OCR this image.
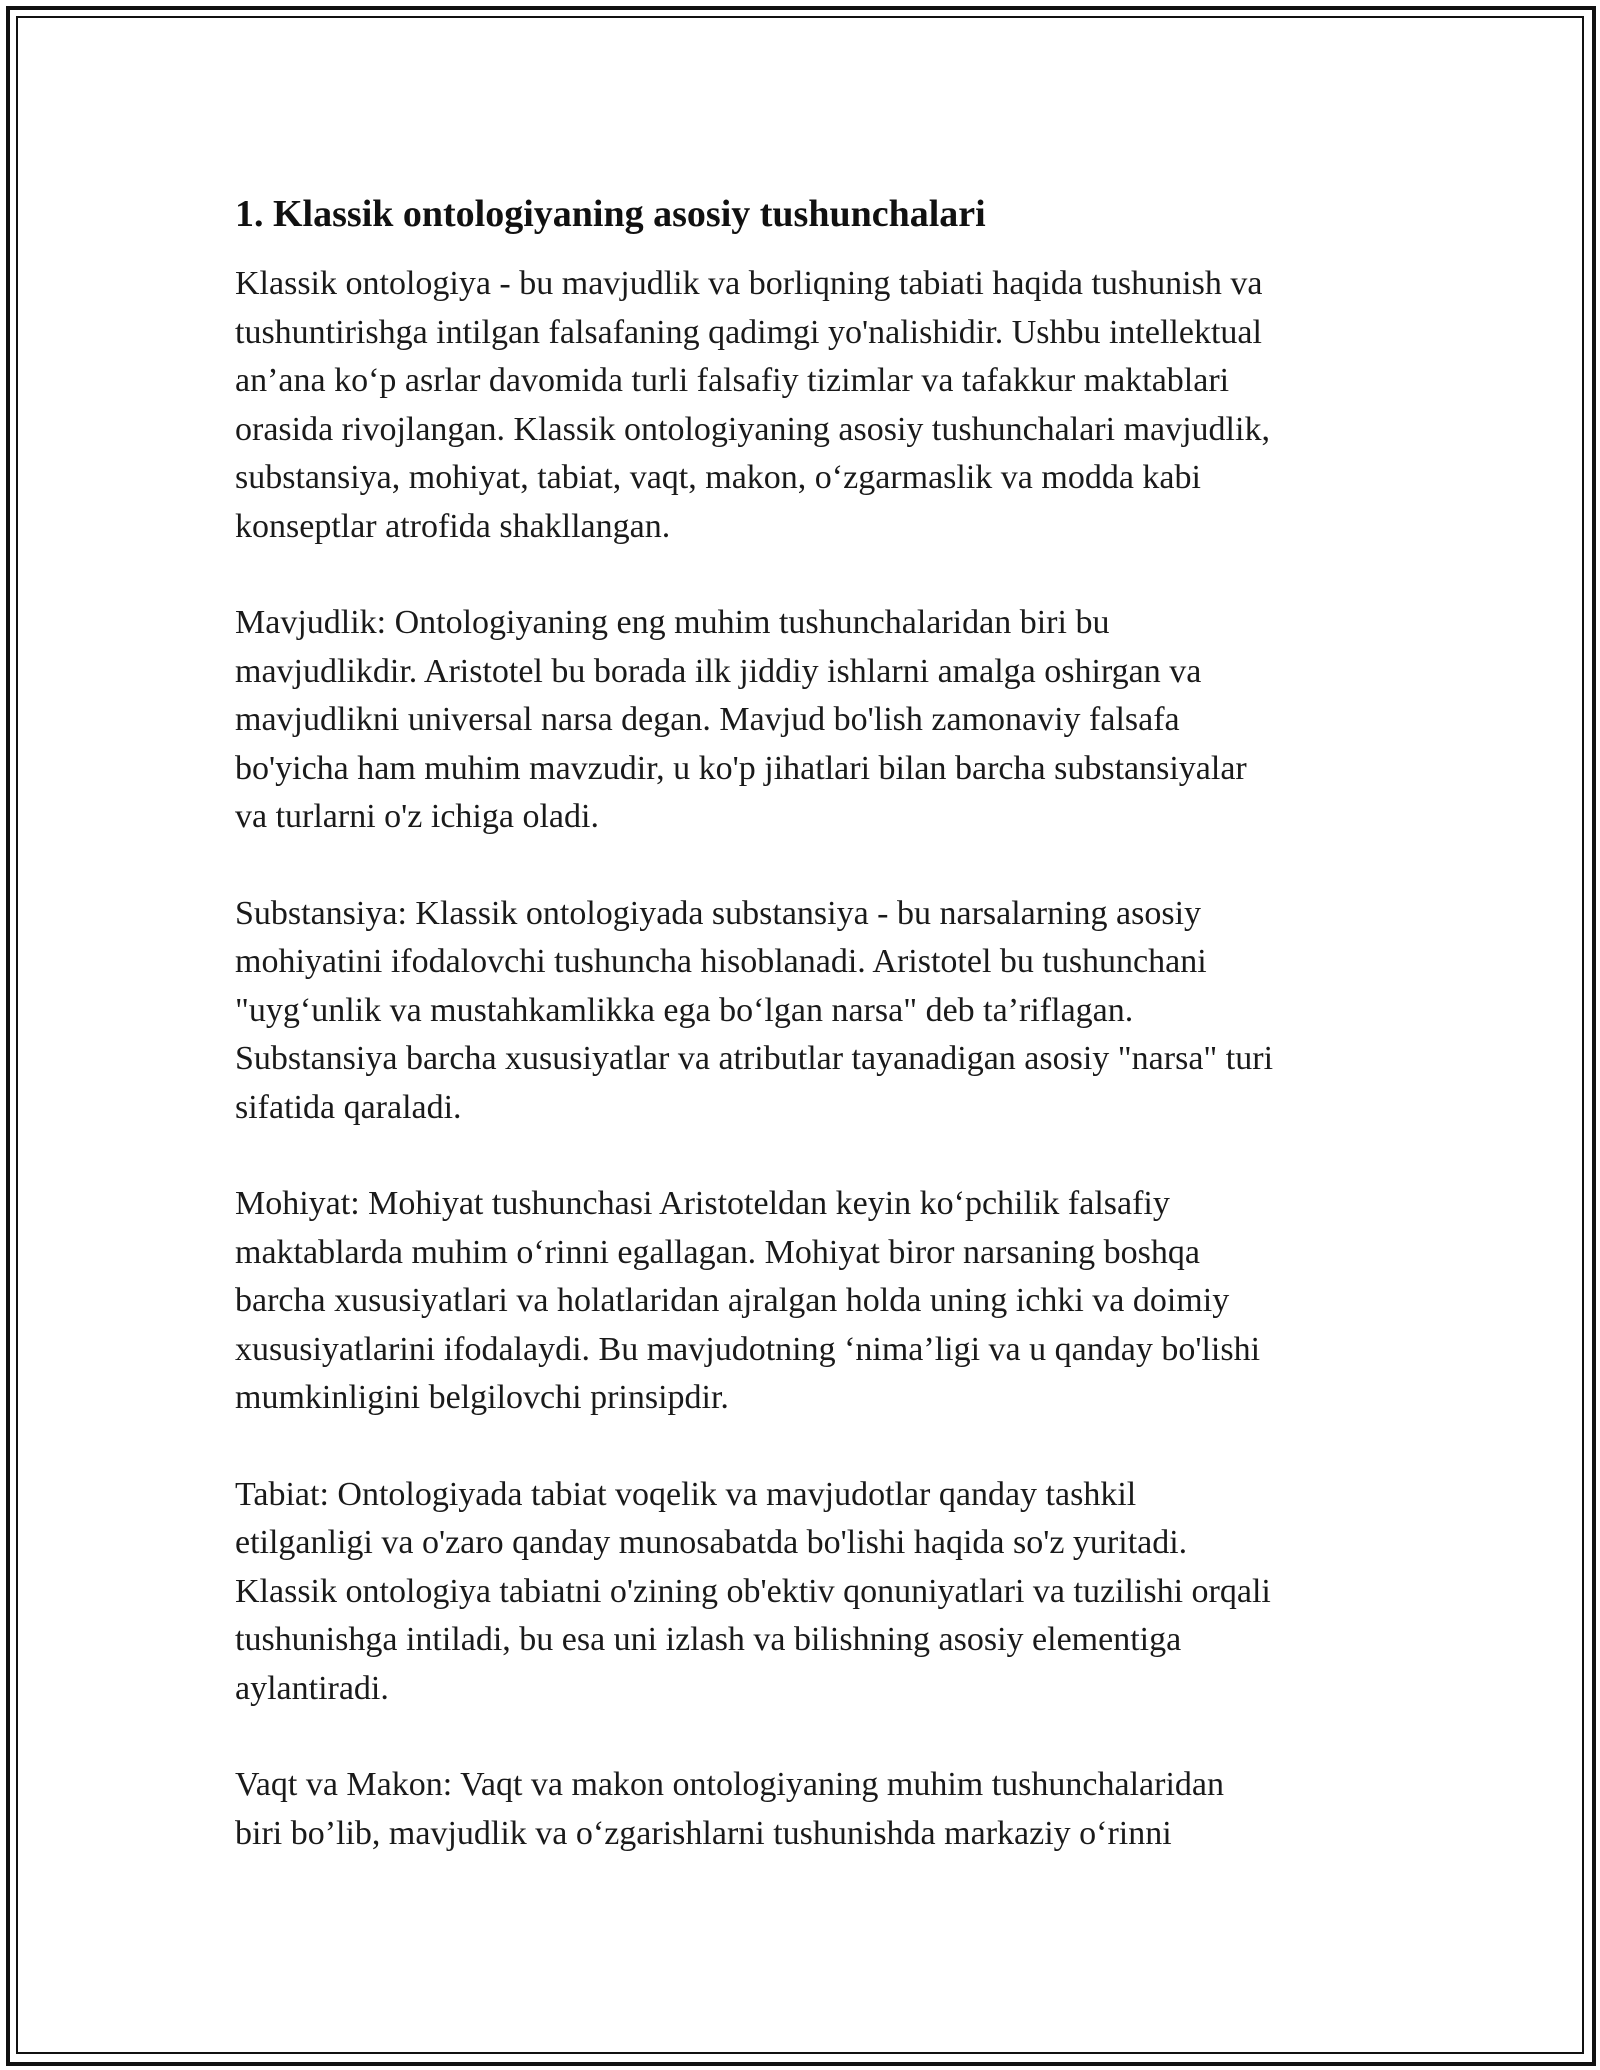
1. Klassik ontologiyaning asosiy tushunchalari
Klassik ontologiya - bu mavjudlik va borliqning tabiati haqida tushunish va
tushuntirishga intilgan falsafaning qadimgi yo'nalishidir. Ushbu intellektual
an’ana ko‘p asrlar davomida turli falsafiy tizimlar va tafakkur maktablari
orasida rivojlangan. Klassik ontologiyaning asosiy tushunchalari mavjudlik,
substansiya, mohiyat, tabiat, vaqt, makon, o‘zgarmaslik va modda kabi
konseptlar atrofida shakllangan.
Mavjudlik: Ontologiyaning eng muhim tushunchalaridan biri bu
mavjudlikdir. Aristotel bu borada ilk jiddiy ishlarni amalga oshirgan va
mavjudlikni universal narsa degan. Mavjud bo'lish zamonaviy falsafa
bo'yicha ham muhim mavzudir, u ko'p jihatlari bilan barcha substansiyalar
va turlarni o'z ichiga oladi.
Substansiya: Klassik ontologiyada substansiya - bu narsalarning asosiy
mohiyatini ifodalovchi tushuncha hisoblanadi. Aristotel bu tushunchani
"uyg‘unlik va mustahkamlikka ega bo‘lgan narsa" deb ta’riflagan.
Substansiya barcha xususiyatlar va atributlar tayanadigan asosiy "narsa" turi
sifatida qaraladi.
Mohiyat: Mohiyat tushunchasi Aristoteldan keyin ko‘pchilik falsafiy
maktablarda muhim o‘rinni egallagan. Mohiyat biror narsaning boshqa
barcha xususiyatlari va holatlaridan ajralgan holda uning ichki va doimiy
xususiyatlarini ifodalaydi. Bu mavjudotning ‘nima’ligi va u qanday bo'lishi
mumkinligini belgilovchi prinsipdir.
Tabiat: Ontologiyada tabiat voqelik va mavjudotlar qanday tashkil
etilganligi va o'zaro qanday munosabatda bo'lishi haqida so'z yuritadi.
Klassik ontologiya tabiatni o'zining ob'ektiv qonuniyatlari va tuzilishi orqali
tushunishga intiladi, bu esa uni izlash va bilishning asosiy elementiga
aylantiradi.
Vaqt va Makon: Vaqt va makon ontologiyaning muhim tushunchalaridan
biri bo’lib, mavjudlik va o‘zgarishlarni tushunishda markaziy o‘rinni
